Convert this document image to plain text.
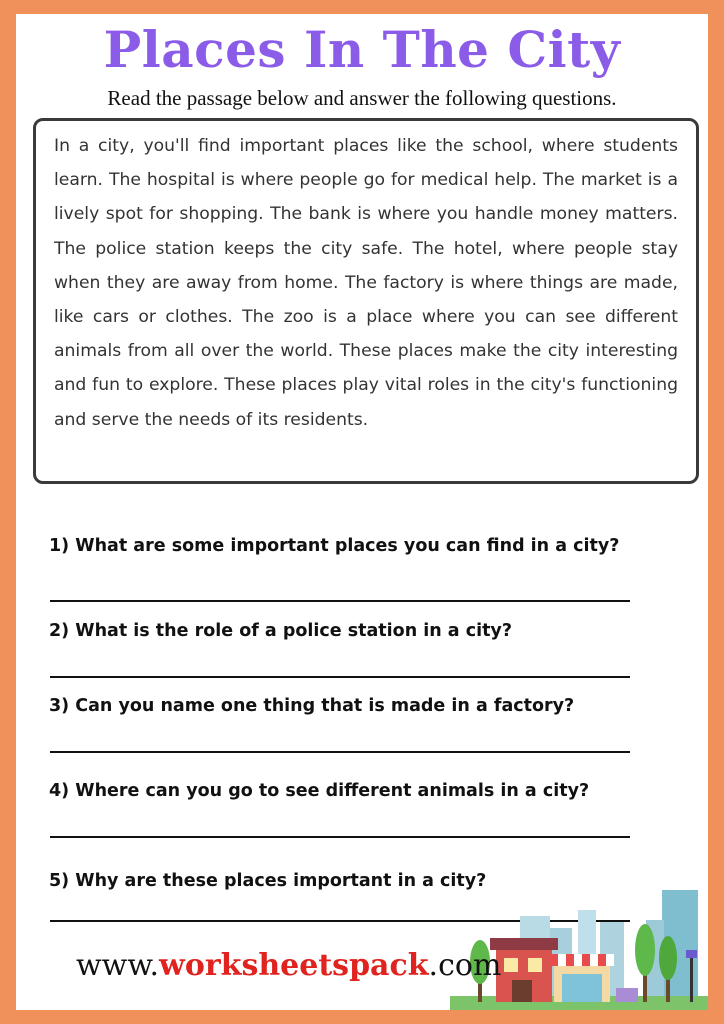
Places In The City
Read the passage below and answer the following questions.

In a city, you'll find important places like the school, where students learn. The hospital is where people go for medical help. The market is a lively spot for shopping. The bank is where you handle money matters. The police station keeps the city safe. The hotel, where people stay when they are away from home. The factory is where things are made, like cars or clothes. The zoo is a place where you can see different animals from all over the world. These places make the city interesting and fun to explore. These places play vital roles in the city's functioning and serve the needs of its residents.

1) What are some important places you can find in a city?
2) What is the role of a police station in a city?
3) Can you name one thing that is made in a factory?
4) Where can you go to see different animals in a city?
5) Why are these places important in a city?
www.worksheetspack.com
